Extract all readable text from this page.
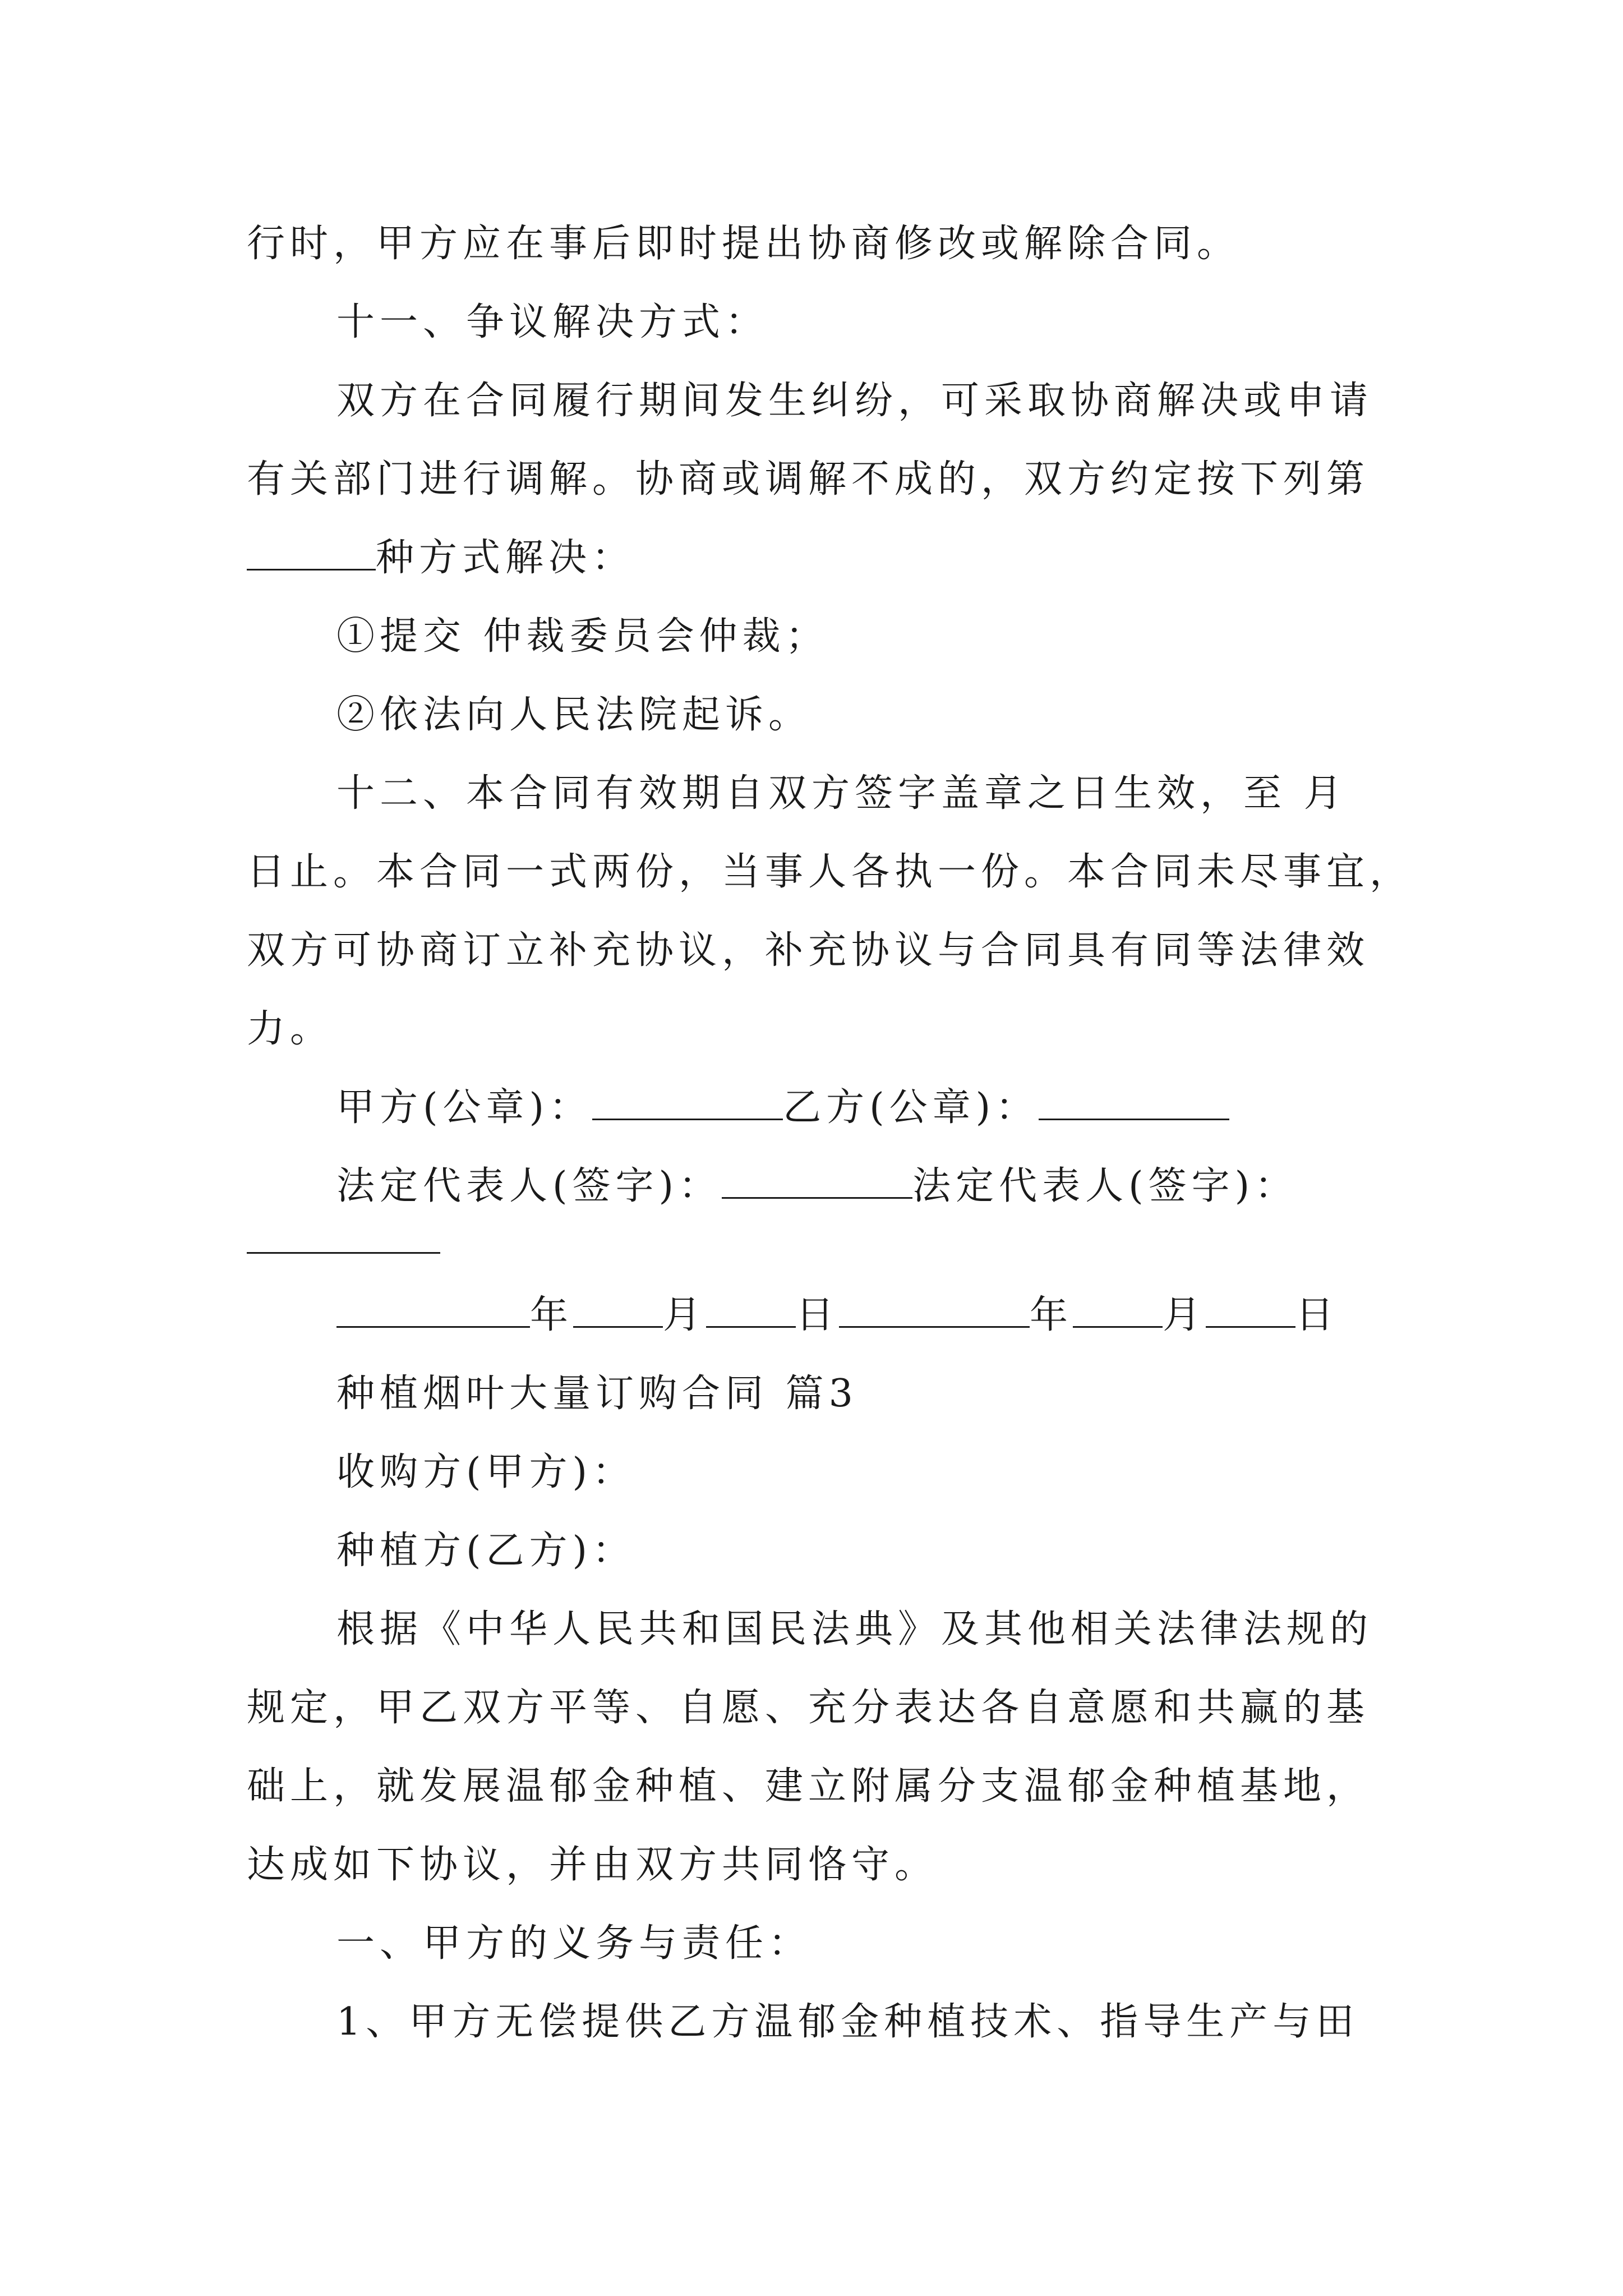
行时，甲方应在事后即时提出协商修改或解除合同。
十一、争议解决方式：
双方在合同履行期间发生纠纷，可采取协商解决或申请
有关部门进行调解。协商或调解不成的，双方约定按下列第
种方式解决：
①提交 仲裁委员会仲裁；
②依法向人民法院起诉。
十二、本合同有效期自双方签字盖章之日生效，至 月
日止。本合同一式两份，当事人各执一份。本合同未尽事宜，
双方可协商订立补充协议，补充协议与合同具有同等法律效
力。
甲方(公章)：	乙方(公章)：
法定代表人(签字)：	法定代表人(签字)：
年 月 日	年 月 日
种植烟叶大量订购合同 篇3
收购方(甲方)：
种植方(乙方)：
根据《中华人民共和国民法典》及其他相关法律法规的
规定，甲乙双方平等、自愿、充分表达各自意愿和共赢的基
础上，就发展温郁金种植、建立附属分支温郁金种植基地，
达成如下协议，并由双方共同恪守。
一、甲方的义务与责任：
1、甲方无偿提供乙方温郁金种植技术、指导生产与田
